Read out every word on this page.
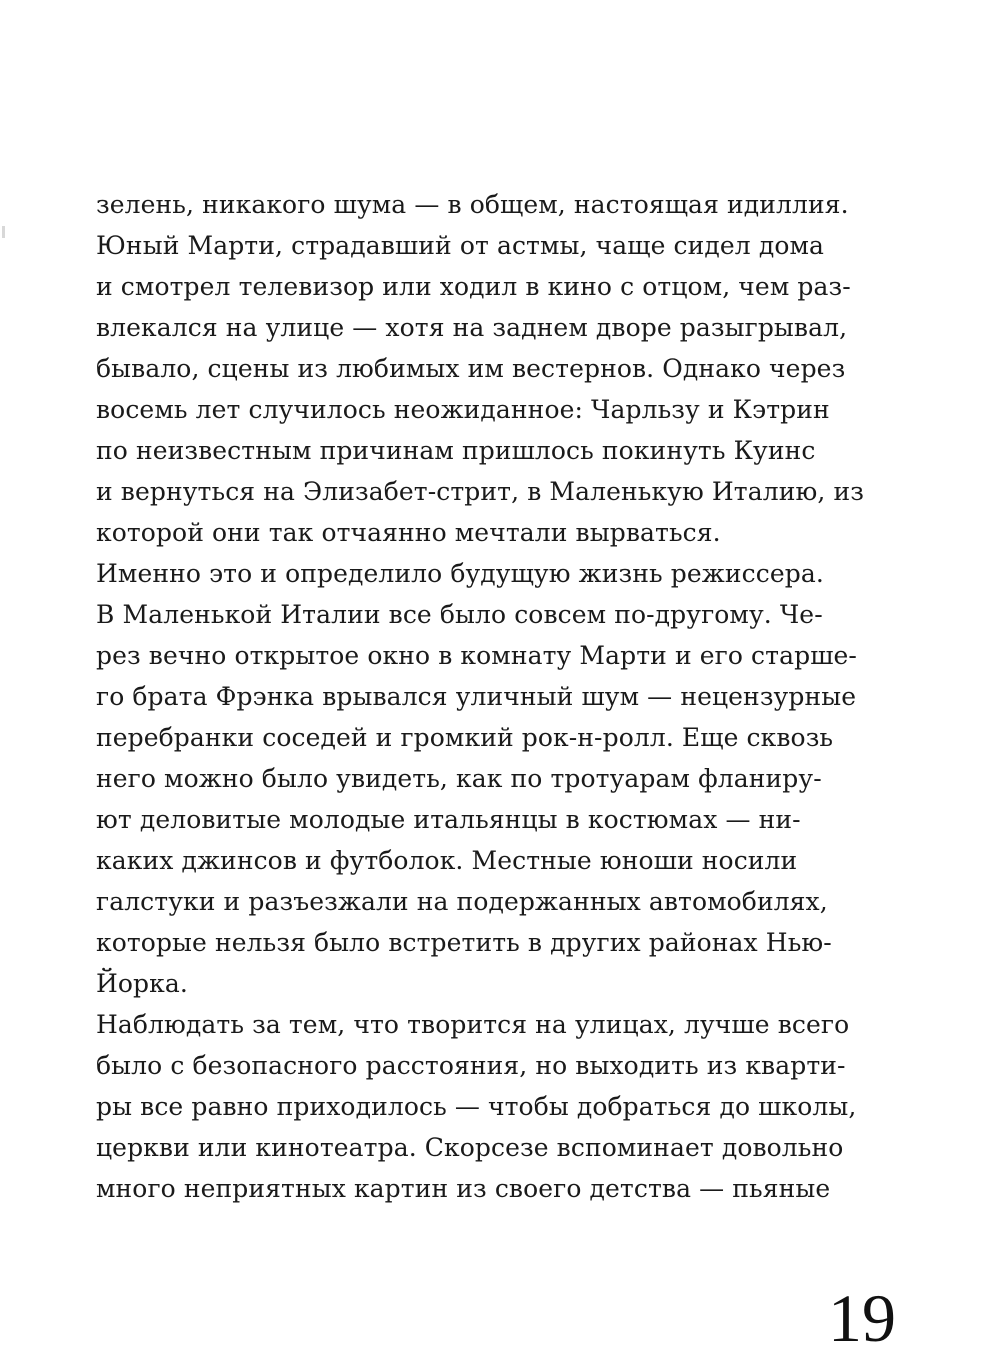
зелень, никакого шума — в общем, настоящая идиллия.
Юный Марти, страдавший от астмы, чаще сидел дома
и смотрел телевизор или ходил в кино с отцом, чем раз-
влекался на улице — хотя на заднем дворе разыгрывал,
бывало, сцены из любимых им вестернов. Однако через
восемь лет случилось неожиданное: Чарльзу и Кэтрин
по неизвестным причинам пришлось покинуть Куинс
и вернуться на Элизабет-стрит, в Маленькую Италию, из
которой они так отчаянно мечтали вырваться.
Именно это и определило будущую жизнь режиссера.
В Маленькой Италии все было совсем по-другому. Че-
рез вечно открытое окно в комнату Марти и его старше-
го брата Фрэнка врывался уличный шум — нецензурные
перебранки соседей и громкий рок-н-ролл. Еще сквозь
него можно было увидеть, как по тротуарам фланиру-
ют деловитые молодые итальянцы в костюмах — ни-
каких джинсов и футболок. Местные юноши носили
галстуки и разъезжали на подержанных автомобилях,
которые нельзя было встретить в других районах Нью-
Йорка.
Наблюдать за тем, что творится на улицах, лучше всего
было с безопасного расстояния, но выходить из кварти-
ры все равно приходилось — чтобы добраться до школы,
церкви или кинотеатра. Скорсезе вспоминает довольно
много неприятных картин из своего детства — пьяные
19
